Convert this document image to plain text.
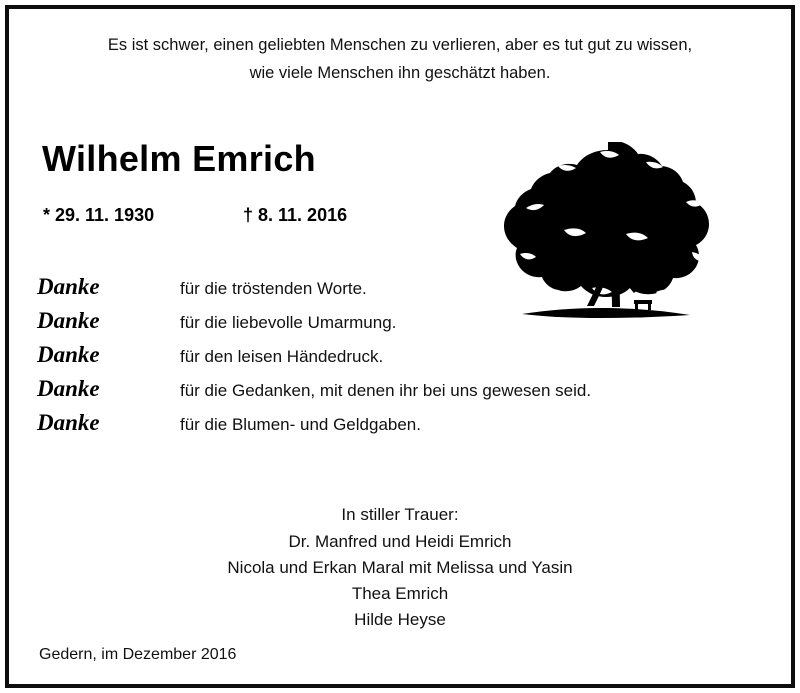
Es ist schwer, einen geliebten Menschen zu verlieren, aber es tut gut zu wissen,
wie viele Menschen ihn geschätzt haben.
Wilhelm Emrich
* 29. 11. 1930	† 8. 11. 2016
Danke	für die tröstenden Worte.
Danke	für die liebevolle Umarmung.
Danke	für den leisen Händedruck.
Danke	für die Gedanken, mit denen ihr bei uns gewesen seid.
Danke	für die Blumen- und Geldgaben.
In stiller Trauer:
Dr. Manfred und Heidi Emrich
Nicola und Erkan Maral mit Melissa und Yasin
Thea Emrich
Hilde Heyse
Gedern, im Dezember 2016
